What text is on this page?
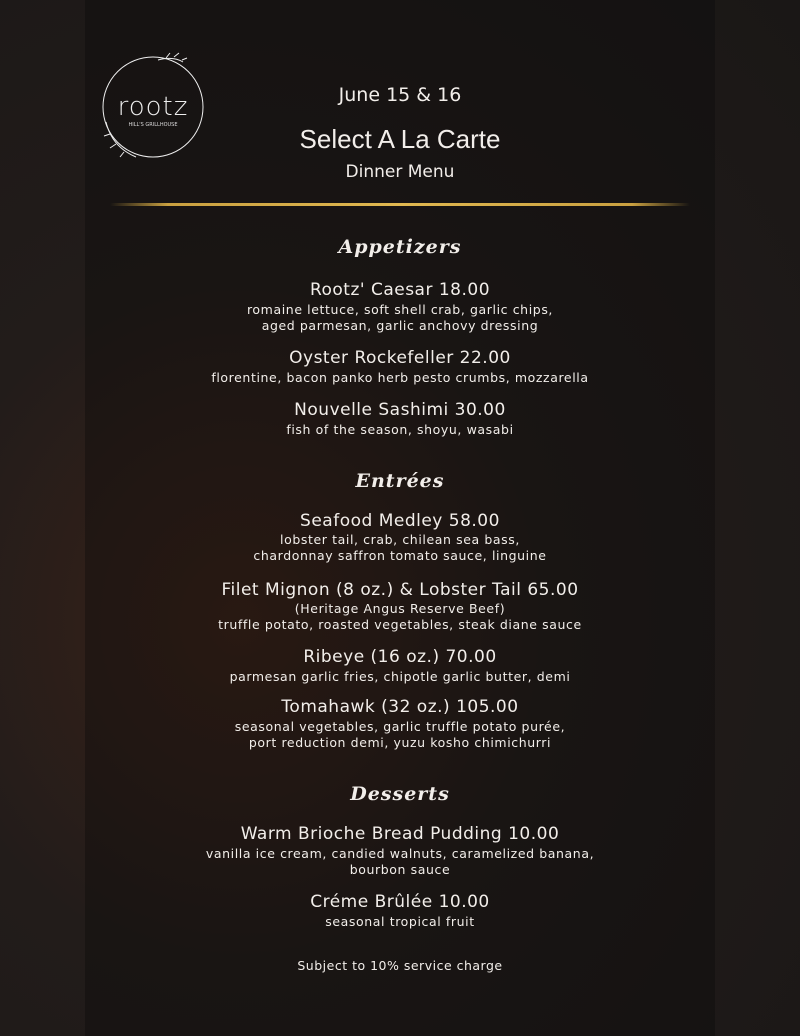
rootz
HILL'S GRILLHOUSE
June 15 & 16
Select A La Carte
Dinner Menu
Appetizers
Rootz' Caesar 18.00
romaine lettuce, soft shell crab, garlic chips,
aged parmesan, garlic anchovy dressing
Oyster Rockefeller 22.00
florentine, bacon panko herb pesto crumbs, mozzarella
Nouvelle Sashimi 30.00
fish of the season, shoyu, wasabi
Entrées
Seafood Medley 58.00
lobster tail, crab, chilean sea bass,
chardonnay saffron tomato sauce, linguine
Filet Mignon (8 oz.) & Lobster Tail 65.00
(Heritage Angus Reserve Beef)
truffle potato, roasted vegetables, steak diane sauce
Ribeye (16 oz.) 70.00
parmesan garlic fries, chipotle garlic butter, demi
Tomahawk (32 oz.) 105.00
seasonal vegetables, garlic truffle potato purée,
port reduction demi, yuzu kosho chimichurri
Desserts
Warm Brioche Bread Pudding 10.00
vanilla ice cream, candied walnuts, caramelized banana,
bourbon sauce
Créme Brûlée 10.00
seasonal tropical fruit
Subject to 10% service charge
